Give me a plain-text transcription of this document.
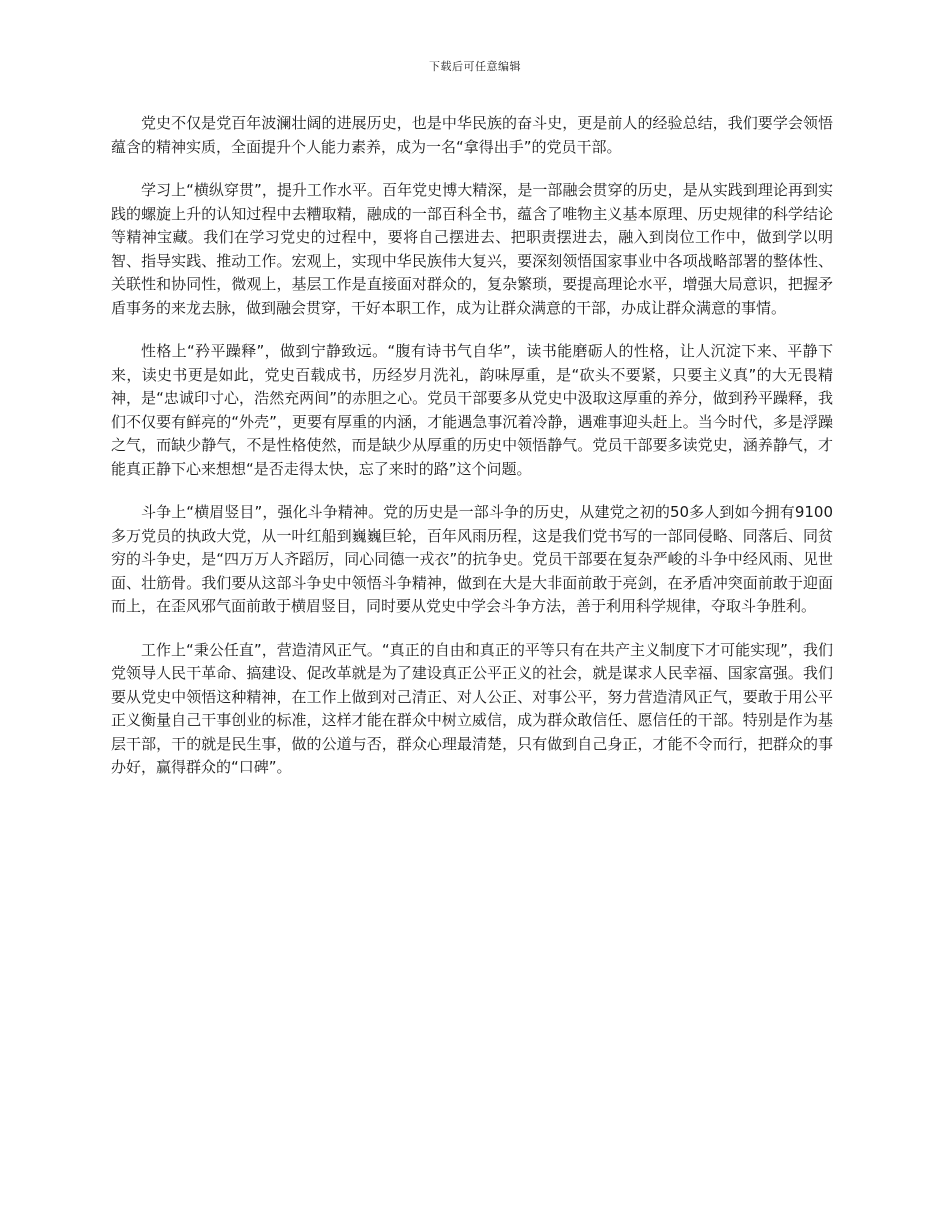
下载后可任意编辑

党史不仅是党百年波澜壮阔的进展历史，也是中华民族的奋斗史，更是前人的经验总结，我们要学会领悟蕴含的精神实质，全面提升个人能力素养，成为一名“拿得出手”的党员干部。

学习上“横纵穿贯”，提升工作水平。百年党史博大精深，是一部融会贯穿的历史，是从实践到理论再到实践的螺旋上升的认知过程中去糟取精，融成的一部百科全书，蕴含了唯物主义基本原理、历史规律的科学结论等精神宝藏。我们在学习党史的过程中，要将自己摆进去、把职责摆进去，融入到岗位工作中，做到学以明智、指导实践、推动工作。宏观上，实现中华民族伟大复兴，要深刻领悟国家事业中各项战略部署的整体性、关联性和协同性，微观上，基层工作是直接面对群众的，复杂繁琐，要提高理论水平，增强大局意识，把握矛盾事务的来龙去脉，做到融会贯穿，干好本职工作，成为让群众满意的干部，办成让群众满意的事情。

性格上“矜平躁释”，做到宁静致远。“腹有诗书气自华”，读书能磨砺人的性格，让人沉淀下来、平静下来，读史书更是如此，党史百载成书，历经岁月洗礼，韵味厚重，是“砍头不要紧，只要主义真”的大无畏精神，是“忠诚印寸心，浩然充两间”的赤胆之心。党员干部要多从党史中汲取这厚重的养分，做到矜平躁释，我们不仅要有鲜亮的“外壳”，更要有厚重的内涵，才能遇急事沉着冷静，遇难事迎头赶上。当今时代，多是浮躁之气，而缺少静气，不是性格使然，而是缺少从厚重的历史中领悟静气。党员干部要多读党史，涵养静气，才能真正静下心来想想“是否走得太快，忘了来时的路”这个问题。

斗争上“横眉竖目”，强化斗争精神。党的历史是一部斗争的历史，从建党之初的50多人到如今拥有9100多万党员的执政大党，从一叶红船到巍巍巨轮，百年风雨历程，这是我们党书写的一部同侵略、同落后、同贫穷的斗争史，是“四万万人齐蹈厉，同心同德一戎衣”的抗争史。党员干部要在复杂严峻的斗争中经风雨、见世面、壮筋骨。我们要从这部斗争史中领悟斗争精神，做到在大是大非面前敢于亮剑，在矛盾冲突面前敢于迎面而上，在歪风邪气面前敢于横眉竖目，同时要从党史中学会斗争方法，善于利用科学规律，夺取斗争胜利。

工作上“秉公任直”，营造清风正气。“真正的自由和真正的平等只有在共产主义制度下才可能实现”，我们党领导人民干革命、搞建设、促改革就是为了建设真正公平正义的社会，就是谋求人民幸福、国家富强。我们要从党史中领悟这种精神，在工作上做到对己清正、对人公正、对事公平，努力营造清风正气，要敢于用公平正义衡量自己干事创业的标准，这样才能在群众中树立威信，成为群众敢信任、愿信任的干部。特别是作为基层干部，干的就是民生事，做的公道与否，群众心理最清楚，只有做到自己身正，才能不令而行，把群众的事办好，赢得群众的“口碑”。
